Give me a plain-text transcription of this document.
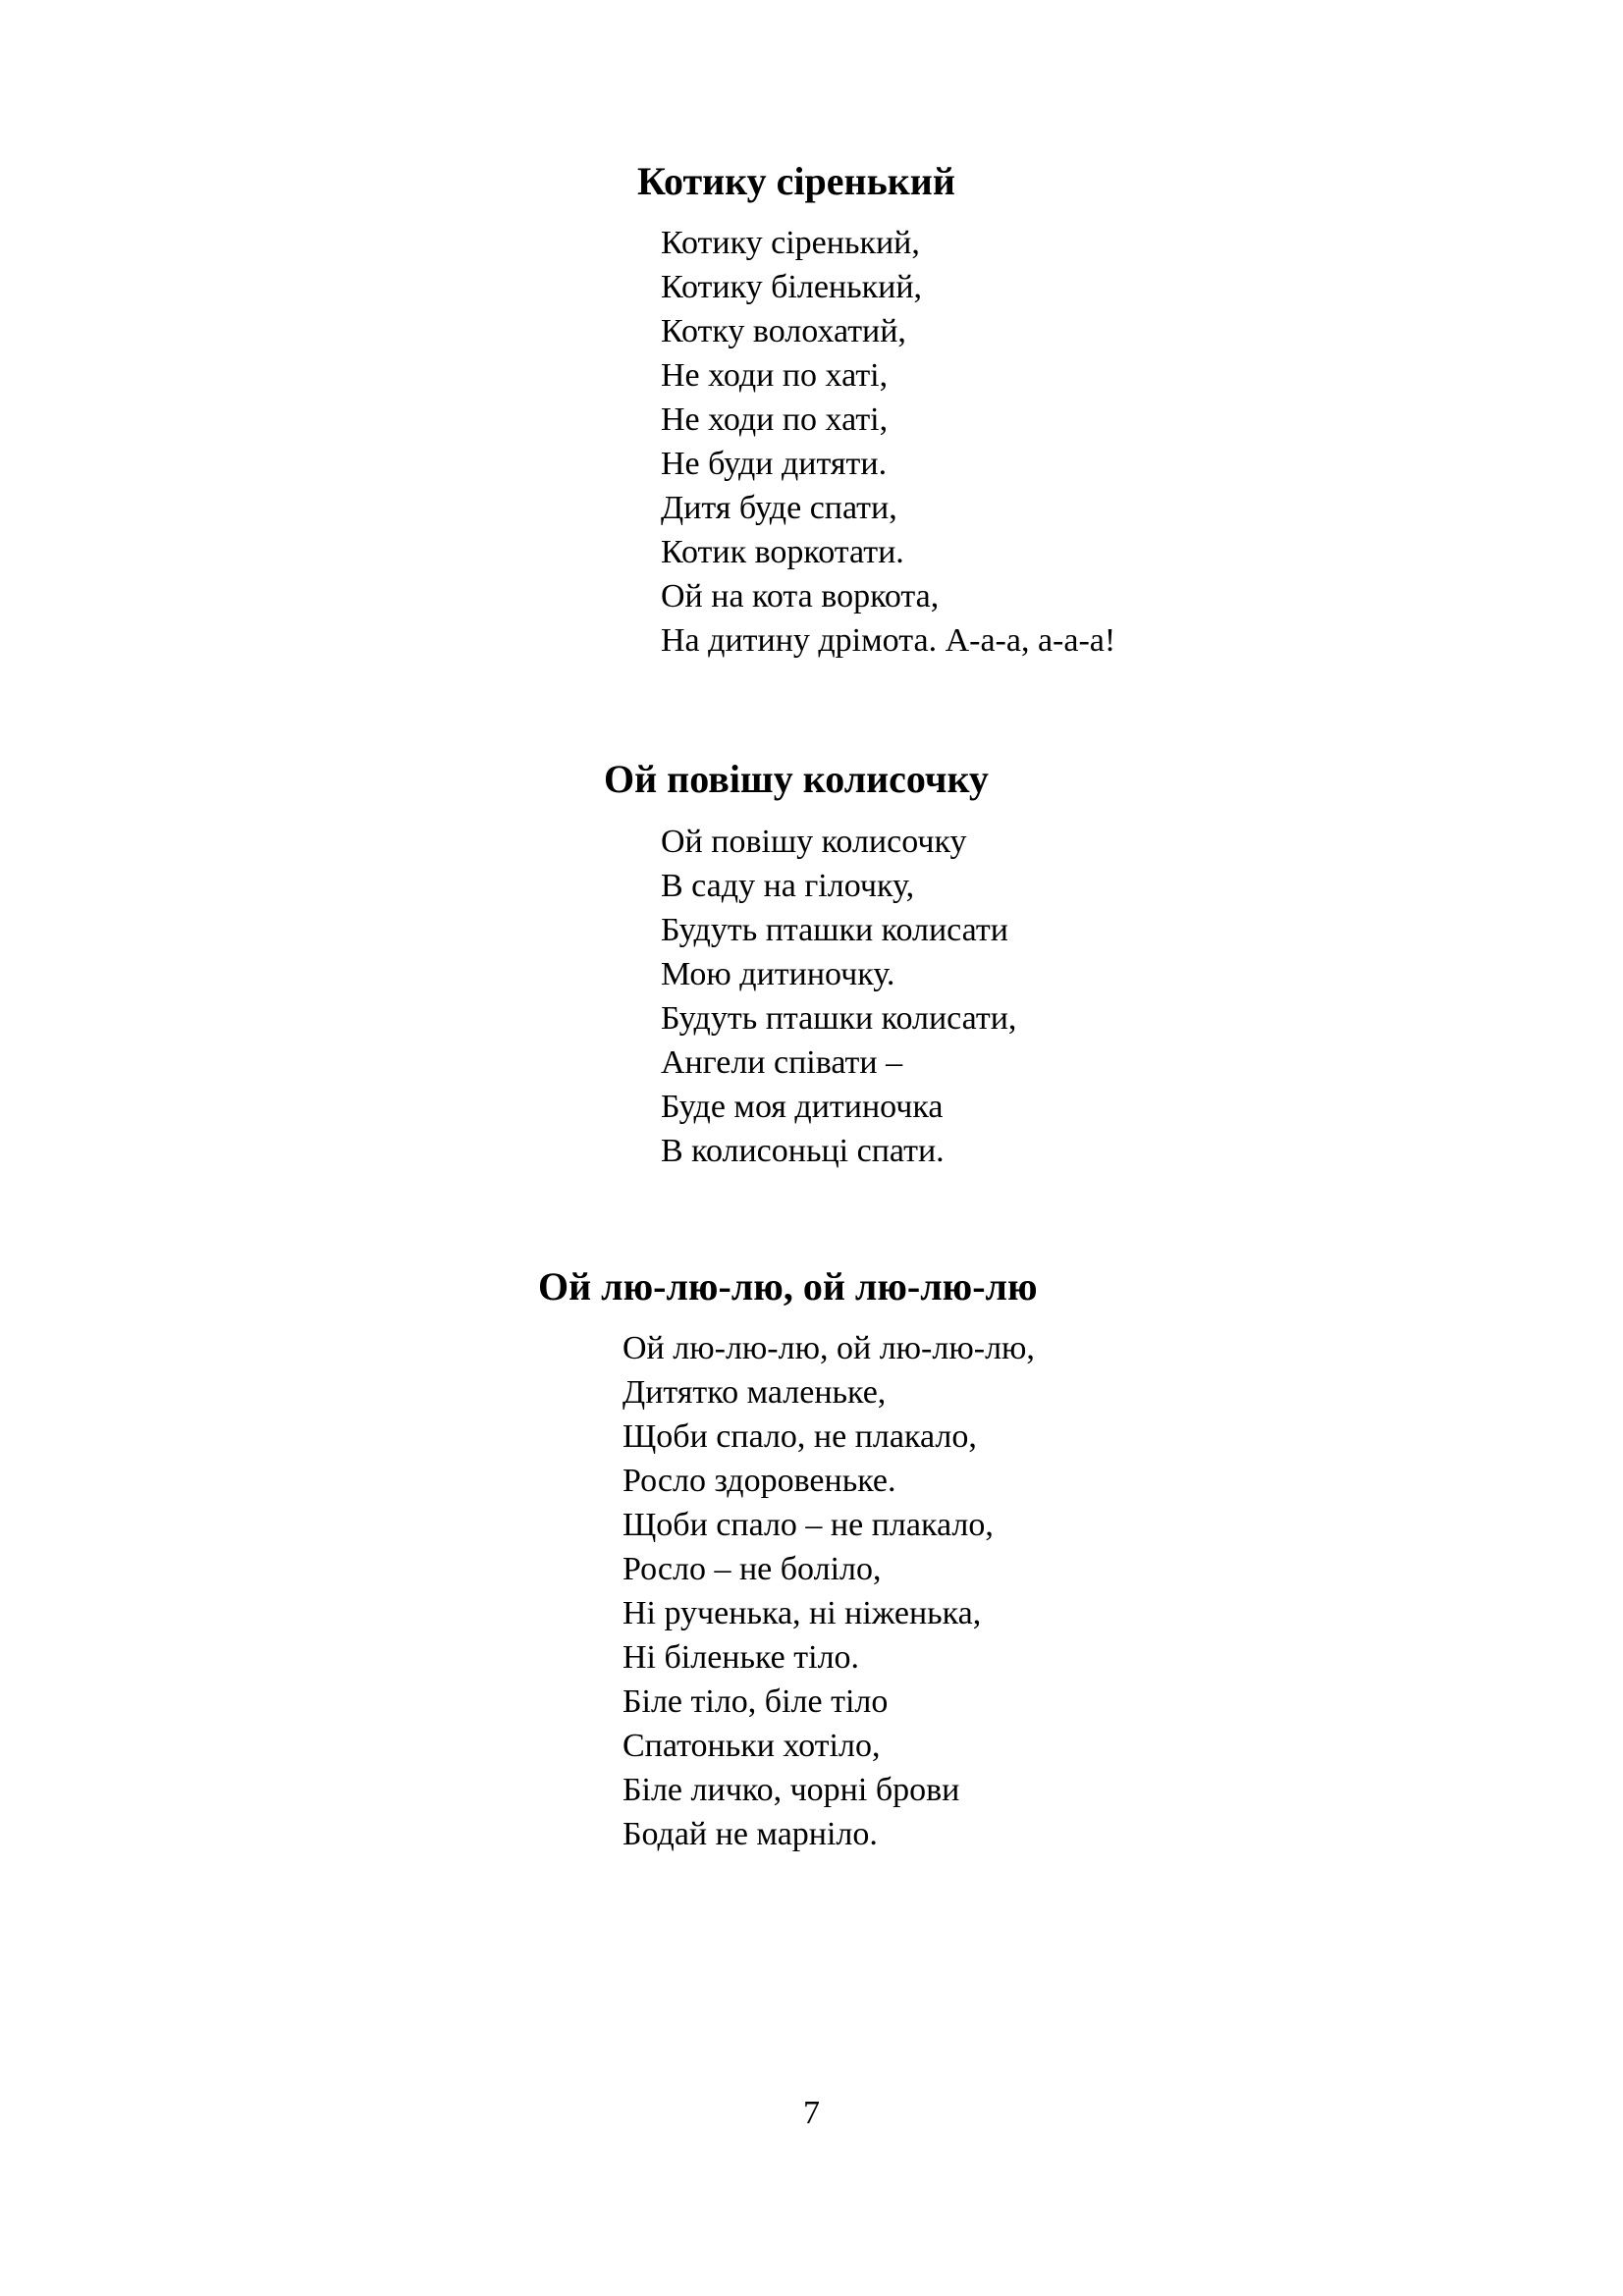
Котику сіренький
Котику сіренький,
Котику біленький,
Котку волохатий,
Не ходи по хаті,
Не ходи по хаті,
Не буди дитяти.
Дитя буде спати,
Котик воркотати.
Ой на кота воркота,
На дитину дрімота. А-а-а, а-а-а!
Ой повішу колисочку
Ой повішу колисочку
В саду на гілочку,
Будуть пташки колисати
Мою дитиночку.
Будуть пташки колисати,
Ангели співати –
Буде моя дитиночка
В колисоньці спати.
Ой лю-лю-лю, ой лю-лю-лю
Ой лю-лю-лю, ой лю-лю-лю,
Дитятко маленьке,
Щоби спало, не плакало,
Росло здоровеньке.
Щоби спало – не плакало,
Росло – не боліло,
Ні рученька, ні ніженька,
Ні біленьке тіло.
Біле тіло, біле тіло
Спатоньки хотіло,
Біле личко, чорні брови
Бодай не марніло.
7
